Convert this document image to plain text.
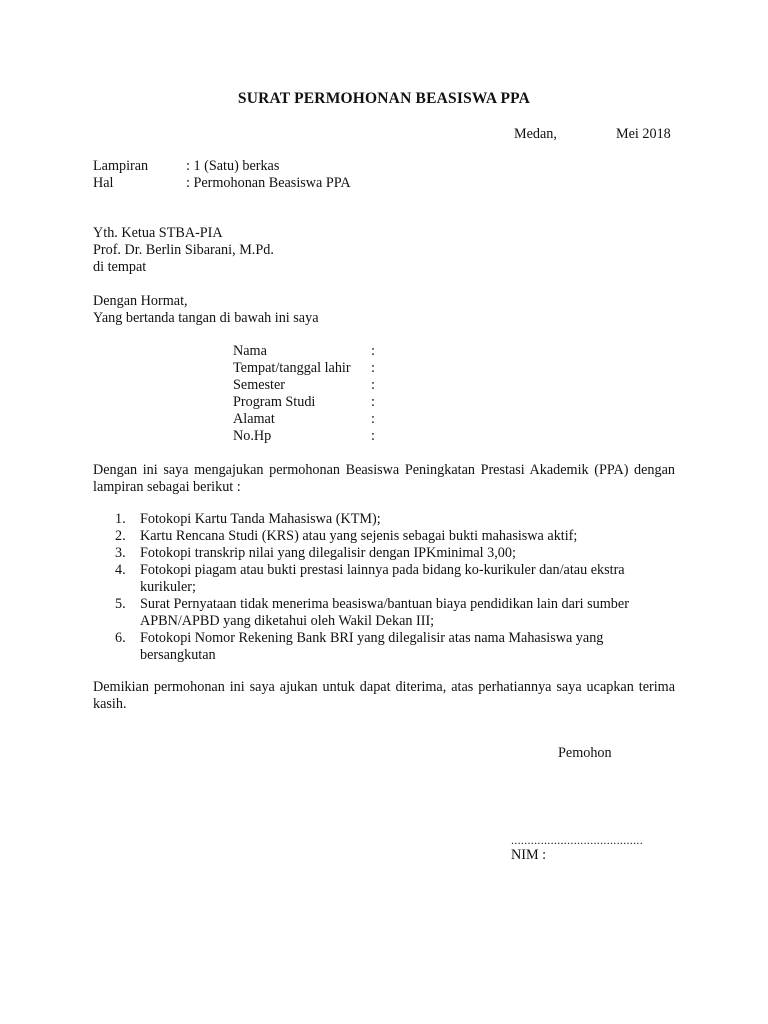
SURAT PERMOHONAN BEASISWA PPA
Medan,	Mei 2018
Lampiran	: 1 (Satu) berkas
Hal	: Permohonan Beasiswa PPA
Yth. Ketua STBA-PIA
Prof. Dr. Berlin Sibarani, M.Pd.
di tempat
Dengan Hormat,
Yang bertanda tangan di bawah ini saya
Nama	:
Tempat/tanggal lahir :
Semester	:
Program Studi	:
Alamat	:
No.Hp	:
Dengan ini saya mengajukan permohonan Beasiswa Peningkatan Prestasi Akademik (PPA) dengan lampiran sebagai berikut :
1. Fotokopi Kartu Tanda Mahasiswa (KTM);
2. Kartu Rencana Studi (KRS) atau yang sejenis sebagai bukti mahasiswa aktif;
3. Fotokopi transkrip nilai yang dilegalisir dengan IPKminimal 3,00;
4. Fotokopi piagam atau bukti prestasi lainnya pada bidang ko-kurikuler dan/atau ekstra kurikuler;
5. Surat Pernyataan tidak menerima beasiswa/bantuan biaya pendidikan lain dari sumber APBN/APBD yang diketahui oleh Wakil Dekan III;
6. Fotokopi Nomor Rekening Bank BRI yang dilegalisir atas nama Mahasiswa yang bersangkutan
Demikian permohonan ini saya ajukan untuk dapat diterima, atas perhatiannya saya ucapkan terima kasih.
Pemohon
........................................
NIM :
